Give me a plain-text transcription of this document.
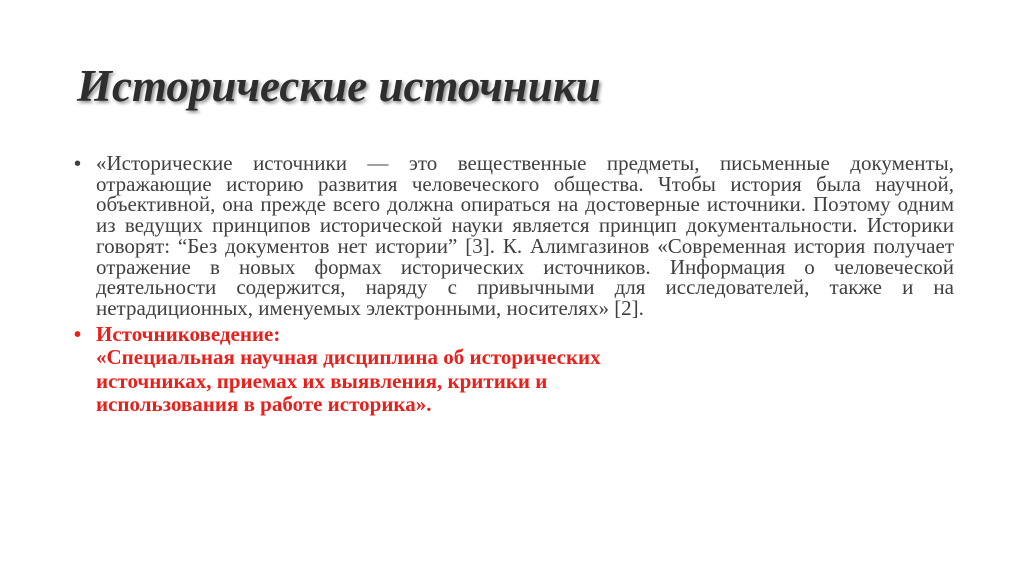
Исторические источники
• «Исторические источники — это вещественные предметы, письменные документы, отражающие историю развития человеческого общества. Чтобы история была научной, объективной, она прежде всего должна опираться на достоверные источники. Поэтому одним из ведущих принципов исторической науки является принцип документальности. Историки говорят: “Без документов нет истории” [3]. К. Алимгазинов «Современная история получает отражение в новых формах исторических источников. Информация о человеческой деятельности содержится, наряду с привычными для исследователей, также и на нетрадиционных, именуемых электронными, носителях» [2].
• Источниковедение:
«Специальная научная дисциплина об исторических источниках, приемах их выявления, критики и использования в работе историка».
